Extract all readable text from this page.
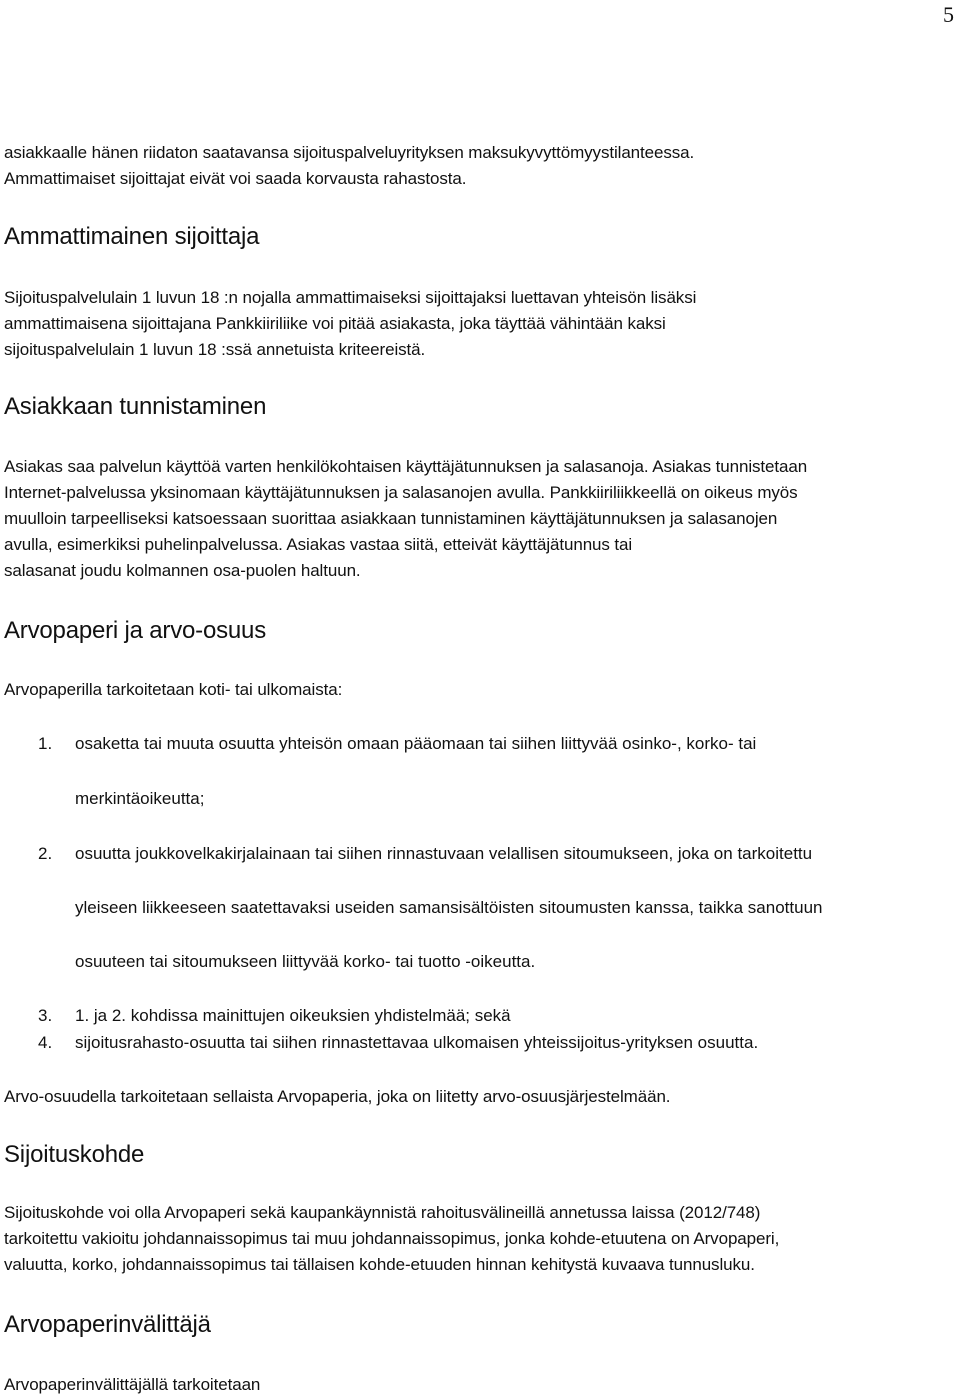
5
asiakkaalle hänen riidaton saatavansa sijoituspalveluyrityksen maksukyvyttömyystilanteessa.
Ammattimaiset sijoittajat eivät voi saada korvausta rahastosta.
Ammattimainen sijoittaja
Sijoituspalvelulain 1 luvun 18 :n nojalla ammattimaiseksi sijoittajaksi luettavan yhteisön lisäksi
ammattimaisena sijoittajana Pankkiiriliike voi pitää asiakasta, joka täyttää vähintään kaksi
sijoituspalvelulain 1 luvun 18 :ssä annetuista kriteereistä.
Asiakkaan tunnistaminen
Asiakas saa palvelun käyttöä varten henkilökohtaisen käyttäjätunnuksen ja salasanoja. Asiakas tunnistetaan
Internet-palvelussa yksinomaan käyttäjätunnuksen ja salasanojen avulla. Pankkiiriliikkeellä on oikeus myös
muulloin tarpeelliseksi katsoessaan suorittaa asiakkaan tunnistaminen käyttäjätunnuksen ja salasanojen
avulla, esimerkiksi puhelinpalvelussa. Asiakas vastaa siitä, etteivät käyttäjätunnus tai
salasanat joudu kolmannen osa-puolen haltuun.
Arvopaperi ja arvo-osuus
Arvopaperilla tarkoitetaan koti- tai ulkomaista:
1. osaketta tai muuta osuutta yhteisön omaan pääomaan tai siihen liittyvää osinko-, korko- tai
merkintäoikeutta;
2. osuutta joukkovelkakirjalainaan tai siihen rinnastuvaan velallisen sitoumukseen, joka on tarkoitettu
yleiseen liikkeeseen saatettavaksi useiden samansisältöisten sitoumusten kanssa, taikka sanottuun
osuuteen tai sitoumukseen liittyvää korko- tai tuotto -oikeutta.
3. 1. ja 2. kohdissa mainittujen oikeuksien yhdistelmää; sekä
4. sijoitusrahasto-osuutta tai siihen rinnastettavaa ulkomaisen yhteissijoitus-yrityksen osuutta.
Arvo-osuudella tarkoitetaan sellaista Arvopaperia, joka on liitetty arvo-osuusjärjestelmään.
Sijoituskohde
Sijoituskohde voi olla Arvopaperi sekä kaupankäynnistä rahoitusvälineillä annetussa laissa (2012/748)
tarkoitettu vakioitu johdannaissopimus tai muu johdannaissopimus, jonka kohde-etuutena on Arvopaperi,
valuutta, korko, johdannaissopimus tai tällaisen kohde-etuuden hinnan kehitystä kuvaava tunnusluku.
Arvopaperinvälittäjä
Arvopaperinvälittäjällä tarkoitetaan
